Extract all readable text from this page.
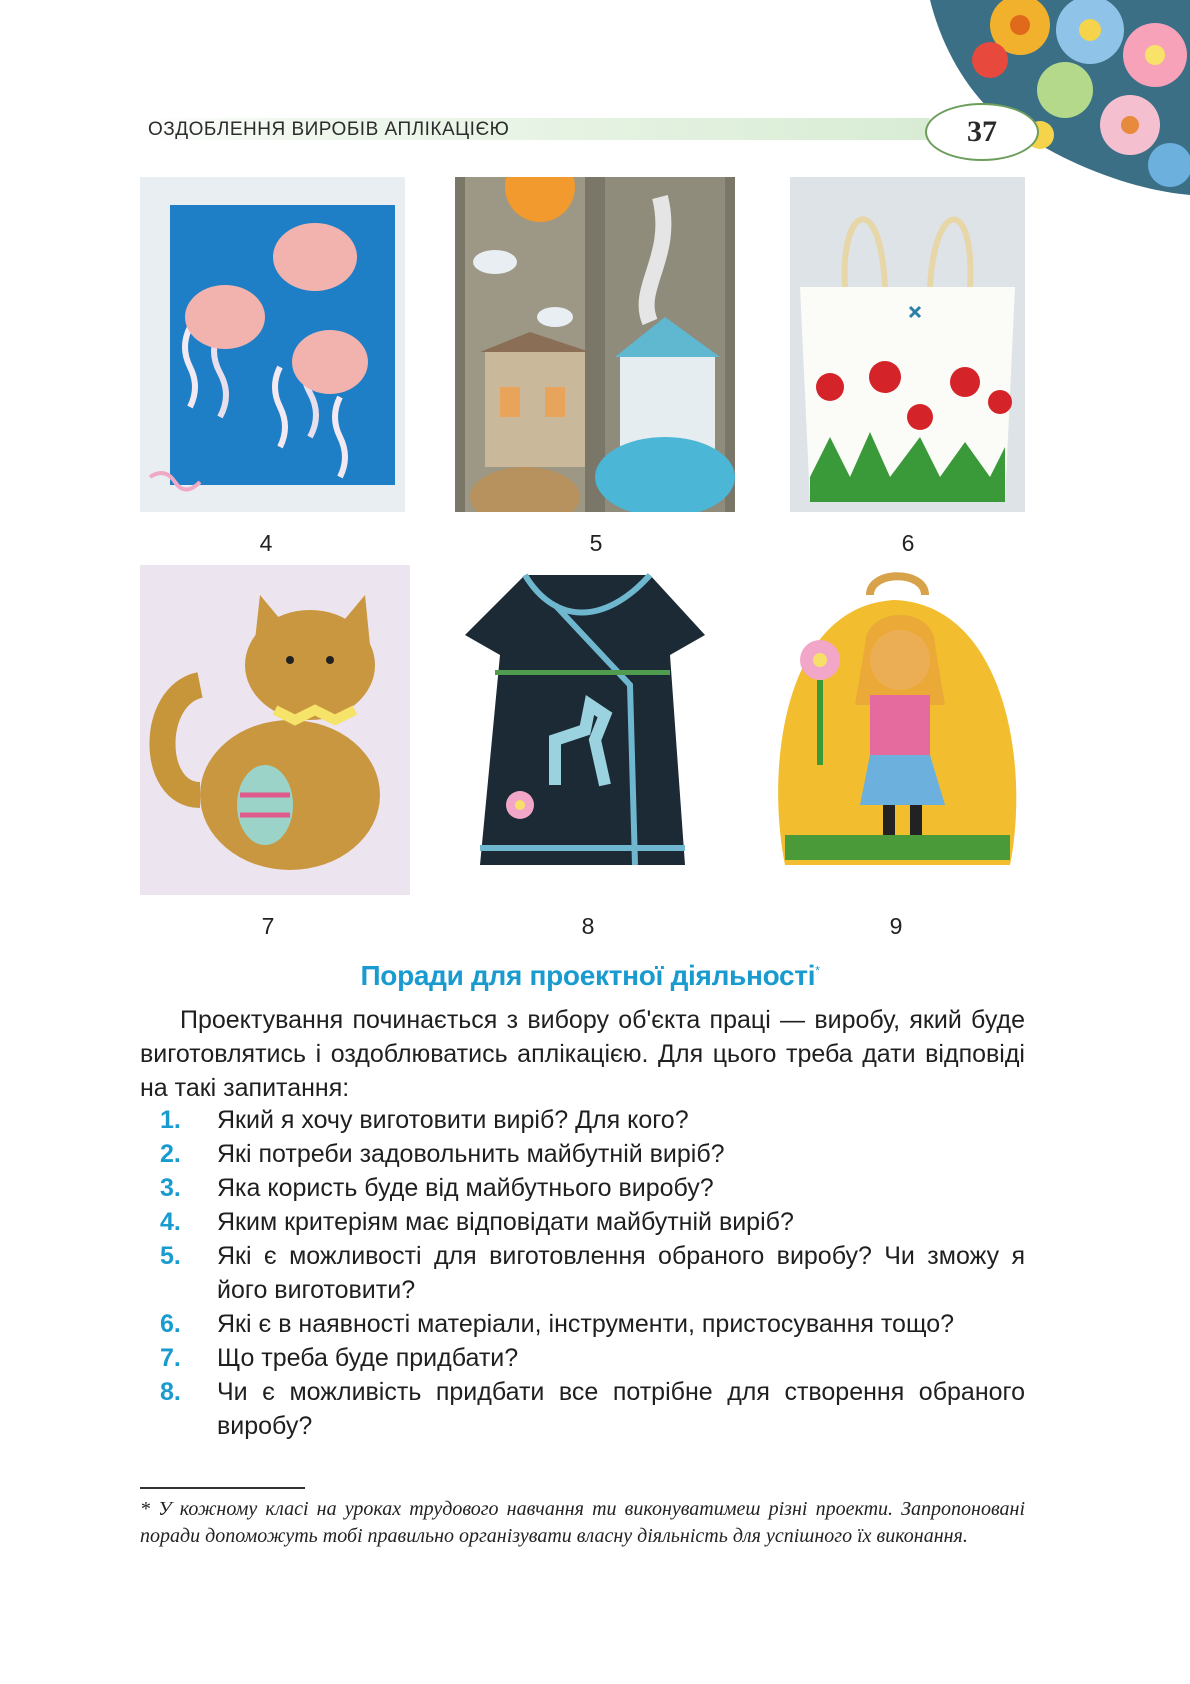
ОЗДОБЛЕННЯ ВИРОБІВ АПЛІКАЦІЄЮ	37
4	5	6
7	8	9
Поради для проектної діяльності*
Проектування починається з вибору об'єкта праці — виробу, який буде виготовлятись і оздоблюватись аплікацією. Для цього треба дати відповіді на такі запитання:
1.	Який я хочу виготовити виріб? Для кого?
2.	Які потреби задовольнить майбутній виріб?
3.	Яка користь буде від майбутнього виробу?
4.	Яким критеріям має відповідати майбутній виріб?
5.	Які є можливості для виготовлення обраного виробу? Чи зможу я його виготовити?
6.	Які є в наявності матеріали, інструменти, пристосування тощо?
7.	Що треба буде придбати?
8.	Чи є можливість придбати все потрібне для створення обраного виробу?
* У кожному класі на уроках трудового навчання ти виконуватимеш різні проекти. Запропоновані поради допоможуть тобі правильно організувати власну діяльність для успішного їх виконання.
